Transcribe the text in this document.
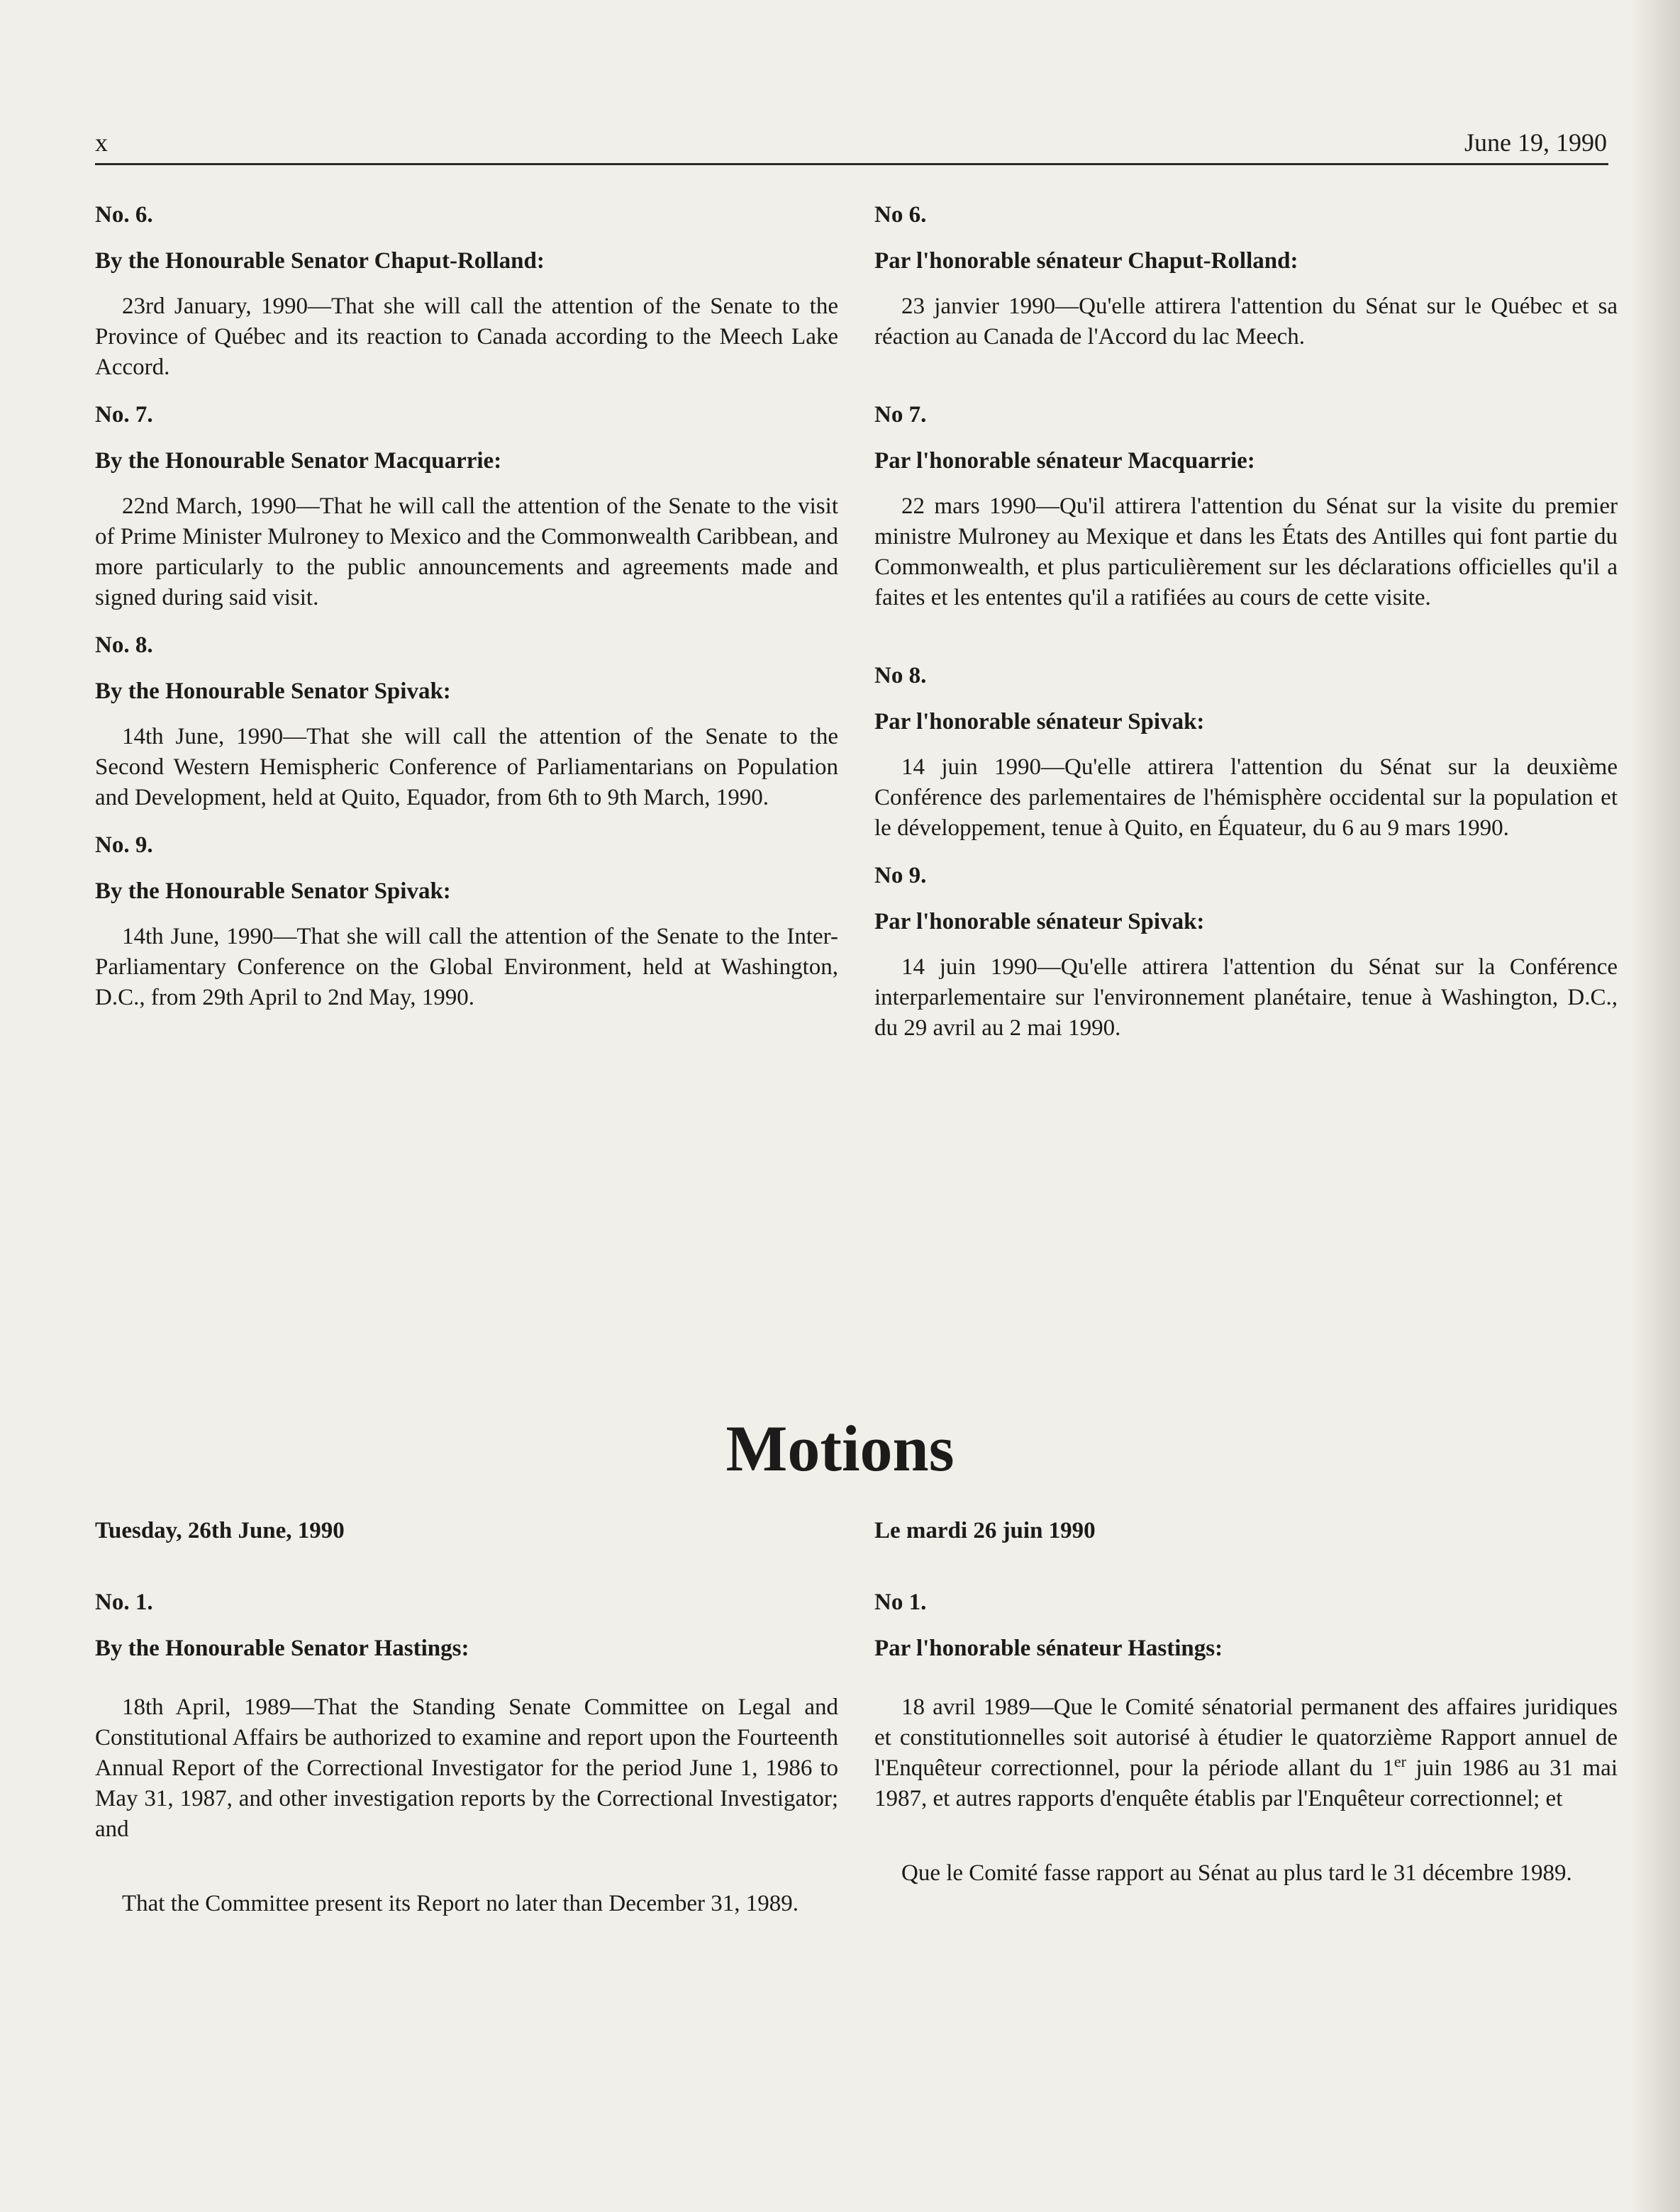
x	June 19, 1990

No. 6.

By the Honourable Senator Chaput-Rolland:

23rd January, 1990—That she will call the attention of the Senate to the Province of Québec and its reaction to Canada according to the Meech Lake Accord.

No. 7.

By the Honourable Senator Macquarrie:

22nd March, 1990—That he will call the attention of the Senate to the visit of Prime Minister Mulroney to Mexico and the Commonwealth Caribbean, and more particularly to the public announcements and agreements made and signed during said visit.

No. 8.

By the Honourable Senator Spivak:

14th June, 1990—That she will call the attention of the Senate to the Second Western Hemispheric Conference of Parliamentarians on Population and Development, held at Quito, Equador, from 6th to 9th March, 1990.

No. 9.

By the Honourable Senator Spivak:

14th June, 1990—That she will call the attention of the Senate to the Inter-Parliamentary Conference on the Global Environment, held at Washington, D.C., from 29th April to 2nd May, 1990.

No 6.

Par l'honorable sénateur Chaput-Rolland:

23 janvier 1990—Qu'elle attirera l'attention du Sénat sur le Québec et sa réaction au Canada de l'Accord du lac Meech.

No 7.

Par l'honorable sénateur Macquarrie:

22 mars 1990—Qu'il attirera l'attention du Sénat sur la visite du premier ministre Mulroney au Mexique et dans les États des Antilles qui font partie du Commonwealth, et plus particulièrement sur les déclarations officielles qu'il a faites et les ententes qu'il a ratifiées au cours de cette visite.

No 8.

Par l'honorable sénateur Spivak:

14 juin 1990—Qu'elle attirera l'attention du Sénat sur la deuxième Conférence des parlementaires de l'hémisphère occidental sur la population et le développement, tenue à Quito, en Équateur, du 6 au 9 mars 1990.

No 9.

Par l'honorable sénateur Spivak:

14 juin 1990—Qu'elle attirera l'attention du Sénat sur la Conférence interparlementaire sur l'environnement planétaire, tenue à Washington, D.C., du 29 avril au 2 mai 1990.

Motions

Tuesday, 26th June, 1990

No. 1.

By the Honourable Senator Hastings:

18th April, 1989—That the Standing Senate Committee on Legal and Constitutional Affairs be authorized to examine and report upon the Fourteenth Annual Report of the Correctional Investigator for the period June 1, 1986 to May 31, 1987, and other investigation reports by the Correctional Investigator; and

That the Committee present its Report no later than December 31, 1989.

Le mardi 26 juin 1990

No 1.

Par l'honorable sénateur Hastings:

18 avril 1989—Que le Comité sénatorial permanent des affaires juridiques et constitutionnelles soit autorisé à étudier le quatorzième Rapport annuel de l'Enquêteur correctionnel, pour la période allant du 1er juin 1986 au 31 mai 1987, et autres rapports d'enquête établis par l'Enquêteur correctionnel; et

Que le Comité fasse rapport au Sénat au plus tard le 31 décembre 1989.
